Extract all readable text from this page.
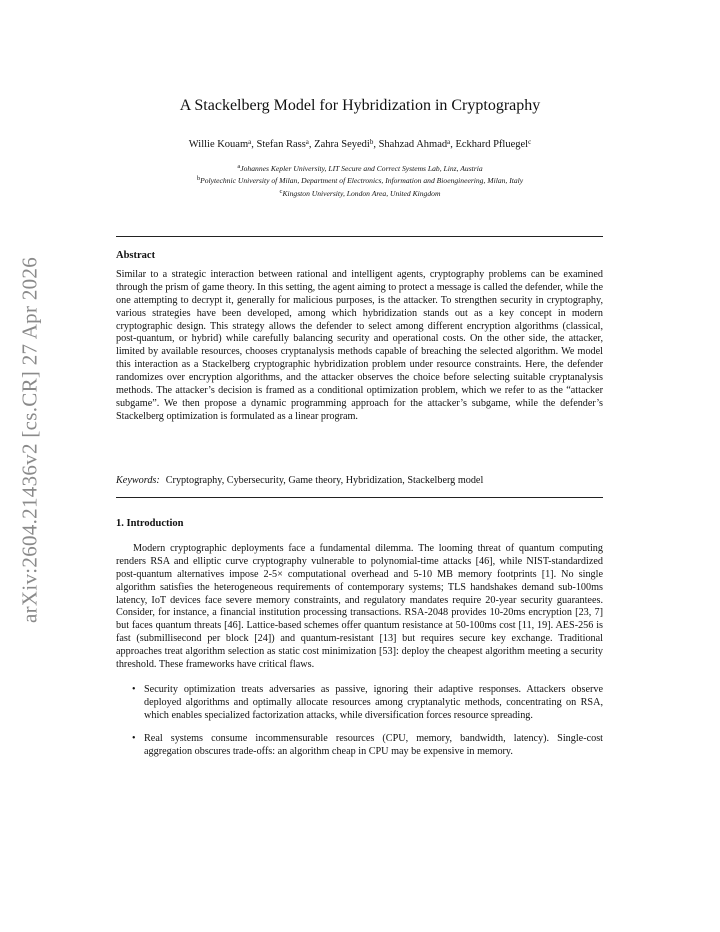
arXiv:2604.21436v2 [cs.CR] 27 Apr 2026
A Stackelberg Model for Hybridization in Cryptography
Willie Kouam$^a$, Stefan Rass$^a$, Zahra Seyedi$^b$, Shahzad Ahmad$^a$, Eckhard Pfluegel$^c$
$^a$Johannes Kepler University, LIT Secure and Correct Systems Lab, Linz, Austria
$^b$Polytechnic University of Milan, Department of Electronics, Information and Bioengineering, Milan, Italy
$^c$Kingston University, London Area, United Kingdom
Abstract

Similar to a strategic interaction between rational and intelligent agents, cryptography problems can be examined through the prism of game theory. In this setting, the agent aiming to protect a message is called the defender, while the one attempting to decrypt it, generally for malicious purposes, is the attacker. To strengthen security in cryptography, various strategies have been developed, among which hybridization stands out as a key concept in modern cryptographic design. This strategy allows the defender to select among different encryption algorithms (classical, post-quantum, or hybrid) while carefully balancing security and operational costs. On the other side, the attacker, limited by available resources, chooses cryptanalysis methods capable of breaching the selected algorithm. We model this interaction as a Stackelberg cryptographic hybridization problem under resource constraints. Here, the defender randomizes over encryption algorithms, and the attacker observes the choice before selecting suitable cryptanalysis methods. The attacker’s decision is framed as a conditional optimization problem, which we refer to as the “attacker subgame”. We then propose a dynamic programming approach for the attacker’s subgame, while the defender’s Stackelberg optimization is formulated as a linear program.

Keywords: Cryptography, Cybersecurity, Game theory, Hybridization, Stackelberg model
1. Introduction

Modern cryptographic deployments face a fundamental dilemma. The looming threat of quantum computing renders RSA and elliptic curve cryptography vulnerable to polynomial-time attacks [46], while NIST-standardized post-quantum alternatives impose 2-5× computational overhead and 5-10 MB memory footprints [1]. No single algorithm satisfies the heterogeneous requirements of contemporary systems; TLS handshakes demand sub-100ms latency, IoT devices face severe memory constraints, and regulatory mandates require 20-year security guarantees. Consider, for instance, a financial institution processing transactions. RSA-2048 provides 10-20ms encryption [23, 7] but faces quantum threats [46]. Lattice-based schemes offer quantum resistance at 50-100ms cost [11, 19]. AES-256 is fast (submillisecond per block [24]) and quantum-resistant [13] but requires secure key exchange. Traditional approaches treat algorithm selection as static cost minimization [53]: deploy the cheapest algorithm meeting a security threshold. These frameworks have critical flaws.

• Security optimization treats adversaries as passive, ignoring their adaptive responses. Attackers observe deployed algorithms and optimally allocate resources among cryptanalytic methods, concentrating on RSA, which enables specialized factorization attacks, while diversification forces resource spreading.
• Real systems consume incommensurable resources (CPU, memory, bandwidth, latency). Single-cost aggregation obscures trade-offs: an algorithm cheap in CPU may be expensive in memory.
